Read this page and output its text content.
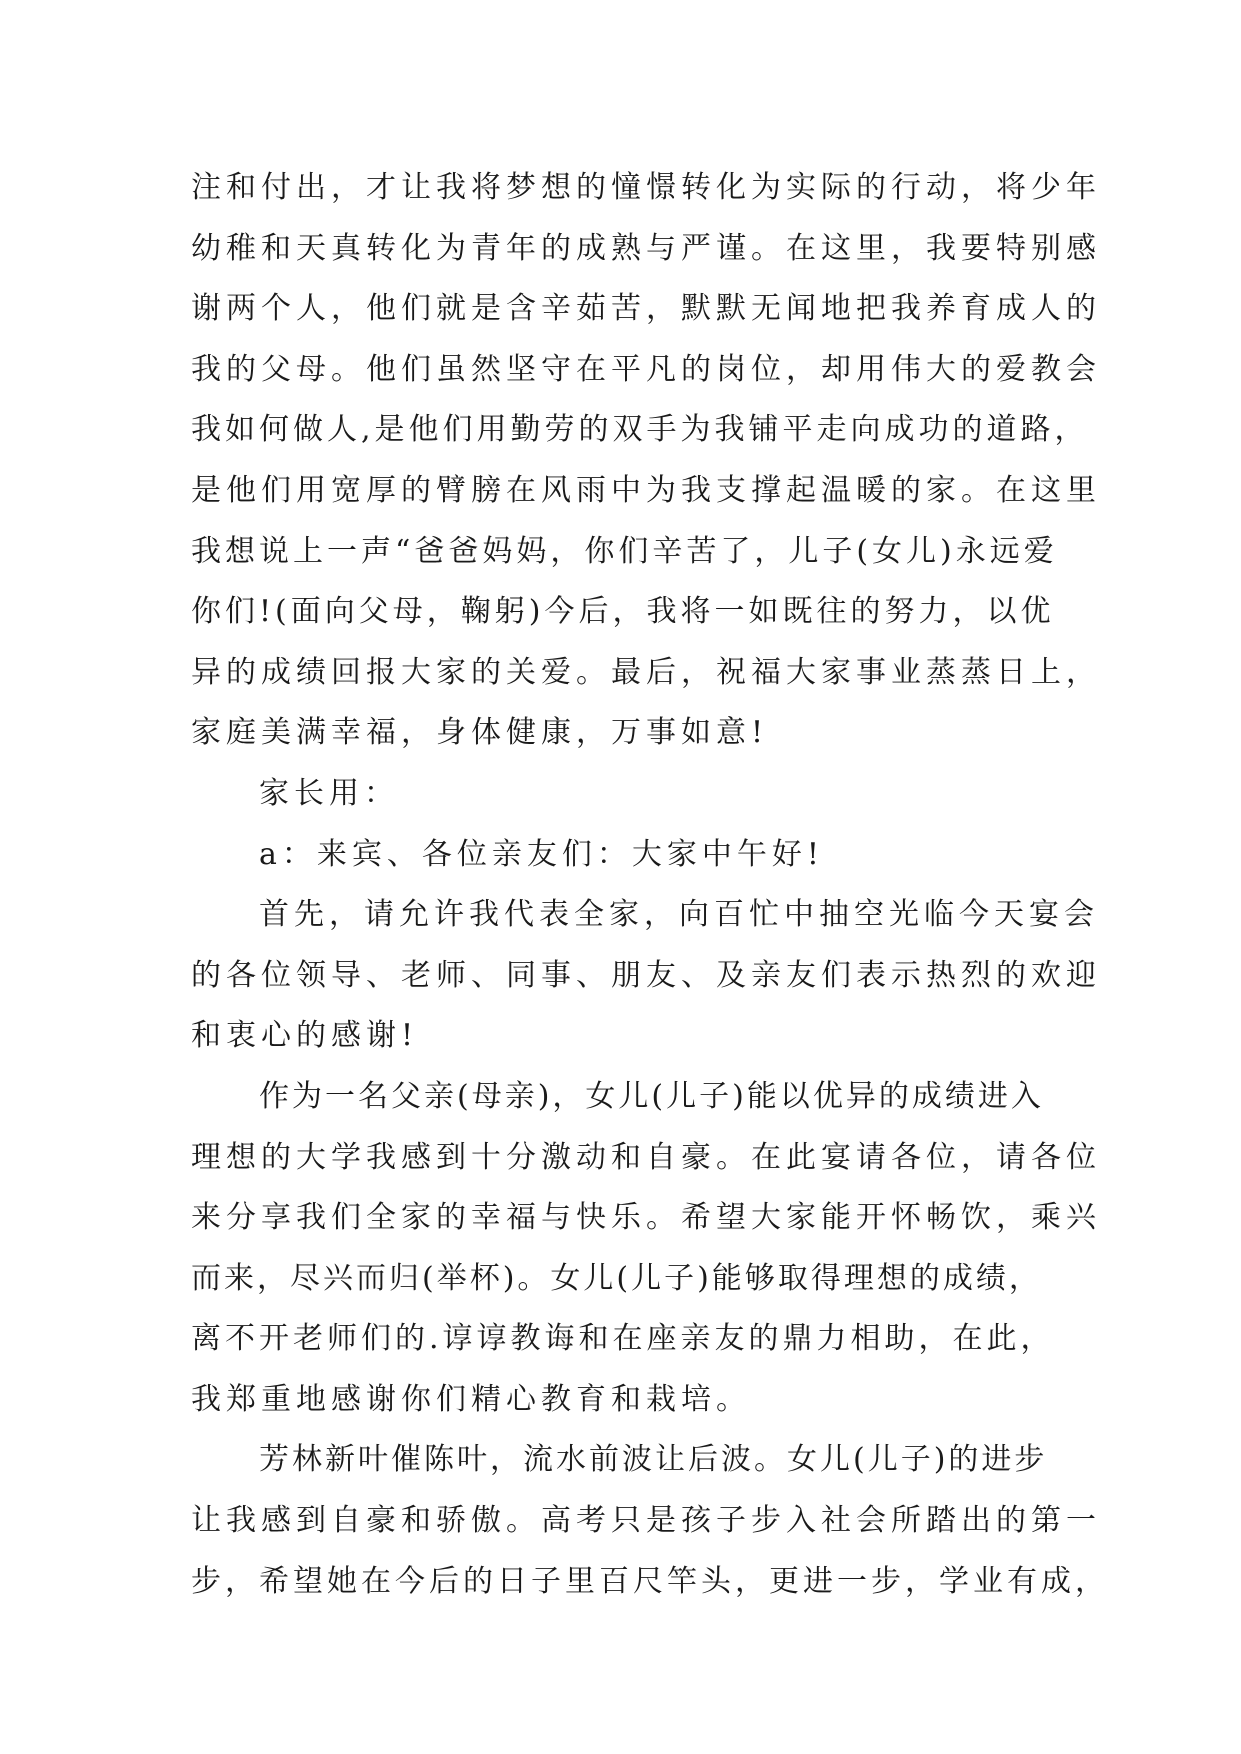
注和付出，才让我将梦想的憧憬转化为实际的行动，将少年
幼稚和天真转化为青年的成熟与严谨。在这里，我要特别感
谢两个人，他们就是含辛茹苦，默默无闻地把我养育成人的
我的父母。他们虽然坚守在平凡的岗位，却用伟大的爱教会
我如何做人,是他们用勤劳的双手为我铺平走向成功的道路，
是他们用宽厚的臂膀在风雨中为我支撑起温暖的家。在这里
我想说上一声“爸爸妈妈，你们辛苦了，儿子(女儿)永远爱
你们!(面向父母，鞠躬)今后，我将一如既往的努力，以优
异的成绩回报大家的关爱。最后，祝福大家事业蒸蒸日上，
家庭美满幸福，身体健康，万事如意!
家长用：
a：来宾、各位亲友们：大家中午好!
首先，请允许我代表全家，向百忙中抽空光临今天宴会
的各位领导、老师、同事、朋友、及亲友们表示热烈的欢迎
和衷心的感谢!
作为一名父亲(母亲)，女儿(儿子)能以优异的成绩进入
理想的大学我感到十分激动和自豪。在此宴请各位，请各位
来分享我们全家的幸福与快乐。希望大家能开怀畅饮，乘兴
而来，尽兴而归(举杯)。女儿(儿子)能够取得理想的成绩，
离不开老师们的.谆谆教诲和在座亲友的鼎力相助，在此，
我郑重地感谢你们精心教育和栽培。
芳林新叶催陈叶，流水前波让后波。女儿(儿子)的进步
让我感到自豪和骄傲。高考只是孩子步入社会所踏出的第一
步，希望她在今后的日子里百尺竿头，更进一步，学业有成，
